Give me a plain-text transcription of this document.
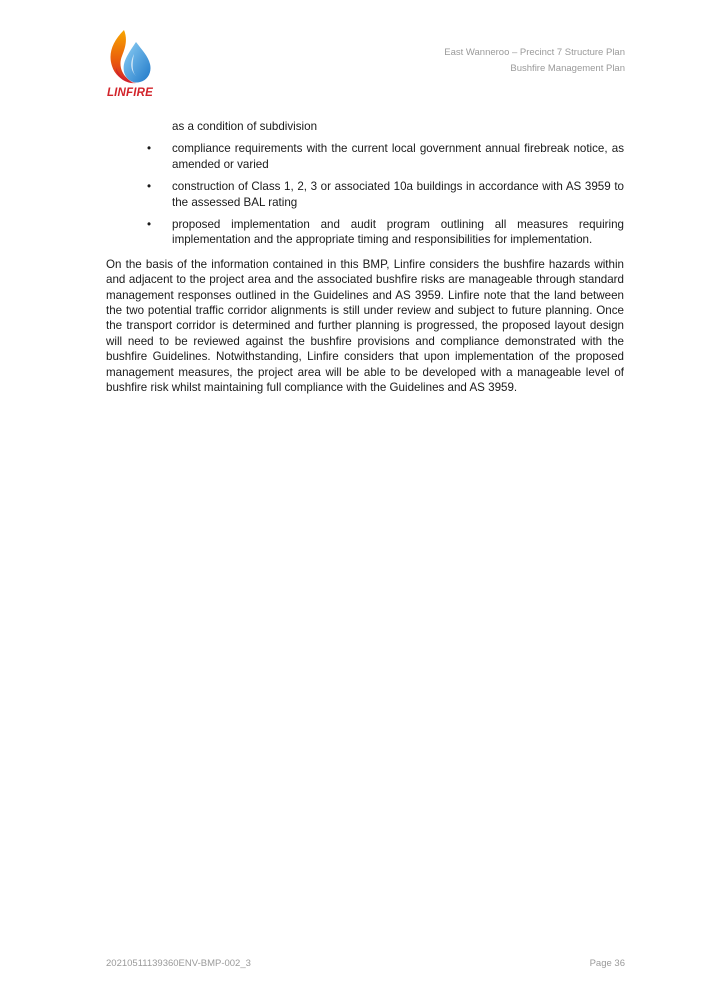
LINFIRE
East Wanneroo – Precinct 7 Structure Plan
Bushfire Management Plan
as a condition of subdivision
• compliance requirements with the current local government annual firebreak notice, as amended or varied
• construction of Class 1, 2, 3 or associated 10a buildings in accordance with AS 3959 to the assessed BAL rating
• proposed implementation and audit program outlining all measures requiring implementation and the appropriate timing and responsibilities for implementation.

On the basis of the information contained in this BMP, Linfire considers the bushfire hazards within and adjacent to the project area and the associated bushfire risks are manageable through standard management responses outlined in the Guidelines and AS 3959. Linfire note that the land between the two potential traffic corridor alignments is still under review and subject to future planning. Once the transport corridor is determined and further planning is progressed, the proposed layout design will need to be reviewed against the bushfire provisions and compliance demonstrated with the bushfire Guidelines. Notwithstanding, Linfire considers that upon implementation of the proposed management measures, the project area will be able to be developed with a manageable level of bushfire risk whilst maintaining full compliance with the Guidelines and AS 3959.

20210511139360ENV-BMP-002_3	Page 36
